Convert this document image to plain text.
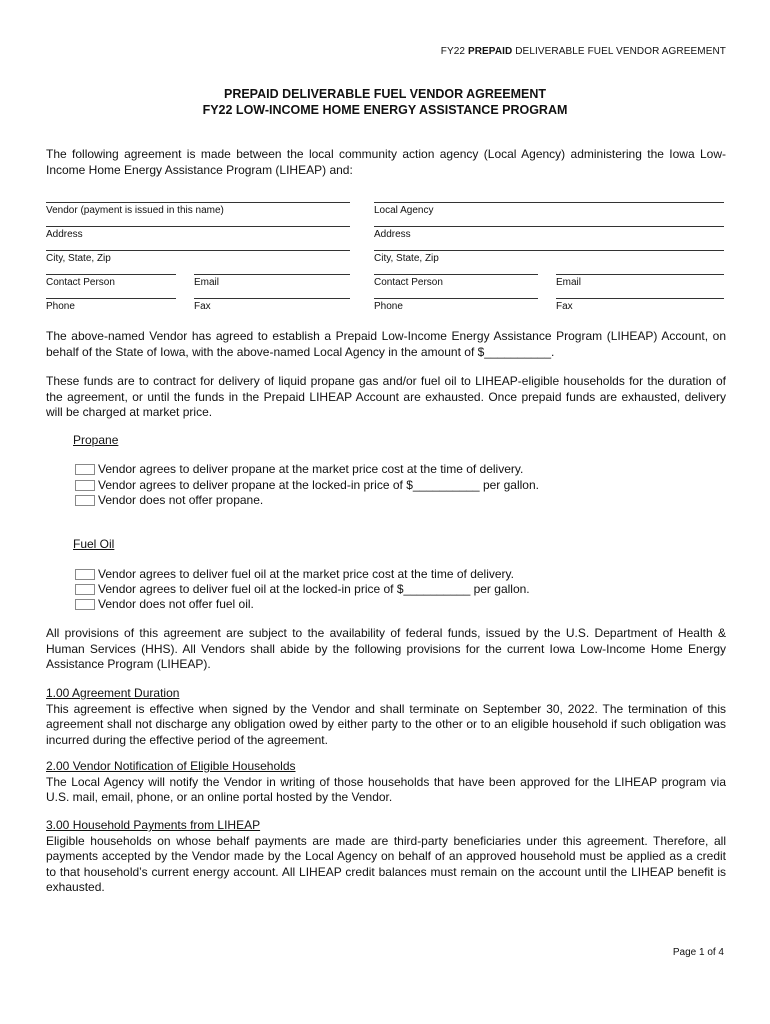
FY22 PREPAID DELIVERABLE FUEL VENDOR AGREEMENT
PREPAID DELIVERABLE FUEL VENDOR AGREEMENT
FY22 LOW-INCOME HOME ENERGY ASSISTANCE PROGRAM
The following agreement is made between the local community action agency (Local Agency) administering the Iowa Low-Income Home Energy Assistance Program (LIHEAP) and:
Vendor (payment is issued in this name)	Local Agency
Address	Address
City, State, Zip	City, State, Zip
Contact Person	Email	Contact Person	Email
Phone	Fax	Phone	Fax
The above-named Vendor has agreed to establish a Prepaid Low-Income Energy Assistance Program (LIHEAP) Account, on behalf of the State of Iowa, with the above-named Local Agency in the amount of $__________.
These funds are to contract for delivery of liquid propane gas and/or fuel oil to LIHEAP-eligible households for the duration of the agreement, or until the funds in the Prepaid LIHEAP Account are exhausted. Once prepaid funds are exhausted, delivery will be charged at market price.
Propane
Vendor agrees to deliver propane at the market price cost at the time of delivery.
Vendor agrees to deliver propane at the locked-in price of $__________ per gallon.
Vendor does not offer propane.
Fuel Oil
Vendor agrees to deliver fuel oil at the market price cost at the time of delivery.
Vendor agrees to deliver fuel oil at the locked-in price of $__________ per gallon.
Vendor does not offer fuel oil.
All provisions of this agreement are subject to the availability of federal funds, issued by the U.S. Department of Health & Human Services (HHS). All Vendors shall abide by the following provisions for the current Iowa Low-Income Home Energy Assistance Program (LIHEAP).
1.00 Agreement Duration
This agreement is effective when signed by the Vendor and shall terminate on September 30, 2022. The termination of this agreement shall not discharge any obligation owed by either party to the other or to an eligible household if such obligation was incurred during the effective period of the agreement.
2.00 Vendor Notification of Eligible Households
The Local Agency will notify the Vendor in writing of those households that have been approved for the LIHEAP program via U.S. mail, email, phone, or an online portal hosted by the Vendor.
3.00 Household Payments from LIHEAP
Eligible households on whose behalf payments are made are third-party beneficiaries under this agreement. Therefore, all payments accepted by the Vendor made by the Local Agency on behalf of an approved household must be applied as a credit to that household’s current energy account. All LIHEAP credit balances must remain on the account until the LIHEAP benefit is exhausted.
Page 1 of 4
